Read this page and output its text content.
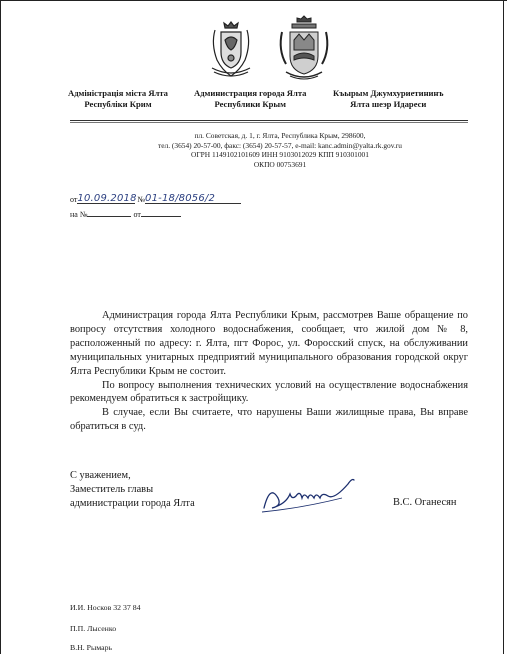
Адміністрація міста Ялта
Республіки Крим
Администрация города Ялта
Республики Крым
Къырым Джумхуриетининъ
Ялта шеэр Идареси
пл. Советская, д. 1, г. Ялта, Республика Крым, 298600,
тел. (3654) 20-57-00, факс: (3654) 20-57-57, e-mail: kanc.admin@yalta.rk.gov.ru
ОГРН 1149102101609 ИНН 9103012029 КПП 910301001
ОКПО 00753691
от10.09.2018 №01-18/8056/2
на №	от

Администрация города Ялта Республики Крым, рассмотрев Ваше обращение по вопросу отсутствия холодного водоснабжения, сообщает, что жилой дом № 8, расположенный по адресу: г. Ялта, пгт Форос, ул. Форосский спуск, на обслуживании муниципальных унитарных предприятий муниципального образования городской округ Ялта Республики Крым не состоит.

По вопросу выполнения технических условий на осуществление водоснабжения рекомендуем обратиться к застройщику.

В случае, если Вы считаете, что нарушены Ваши жилищные права, Вы вправе обратиться в суд.

С уважением,
Заместитель главы
администрации города Ялта	В.С. Оганесян
И.И. Носков 32 37 84
П.П. Лысенко
В.Н. Рымарь
